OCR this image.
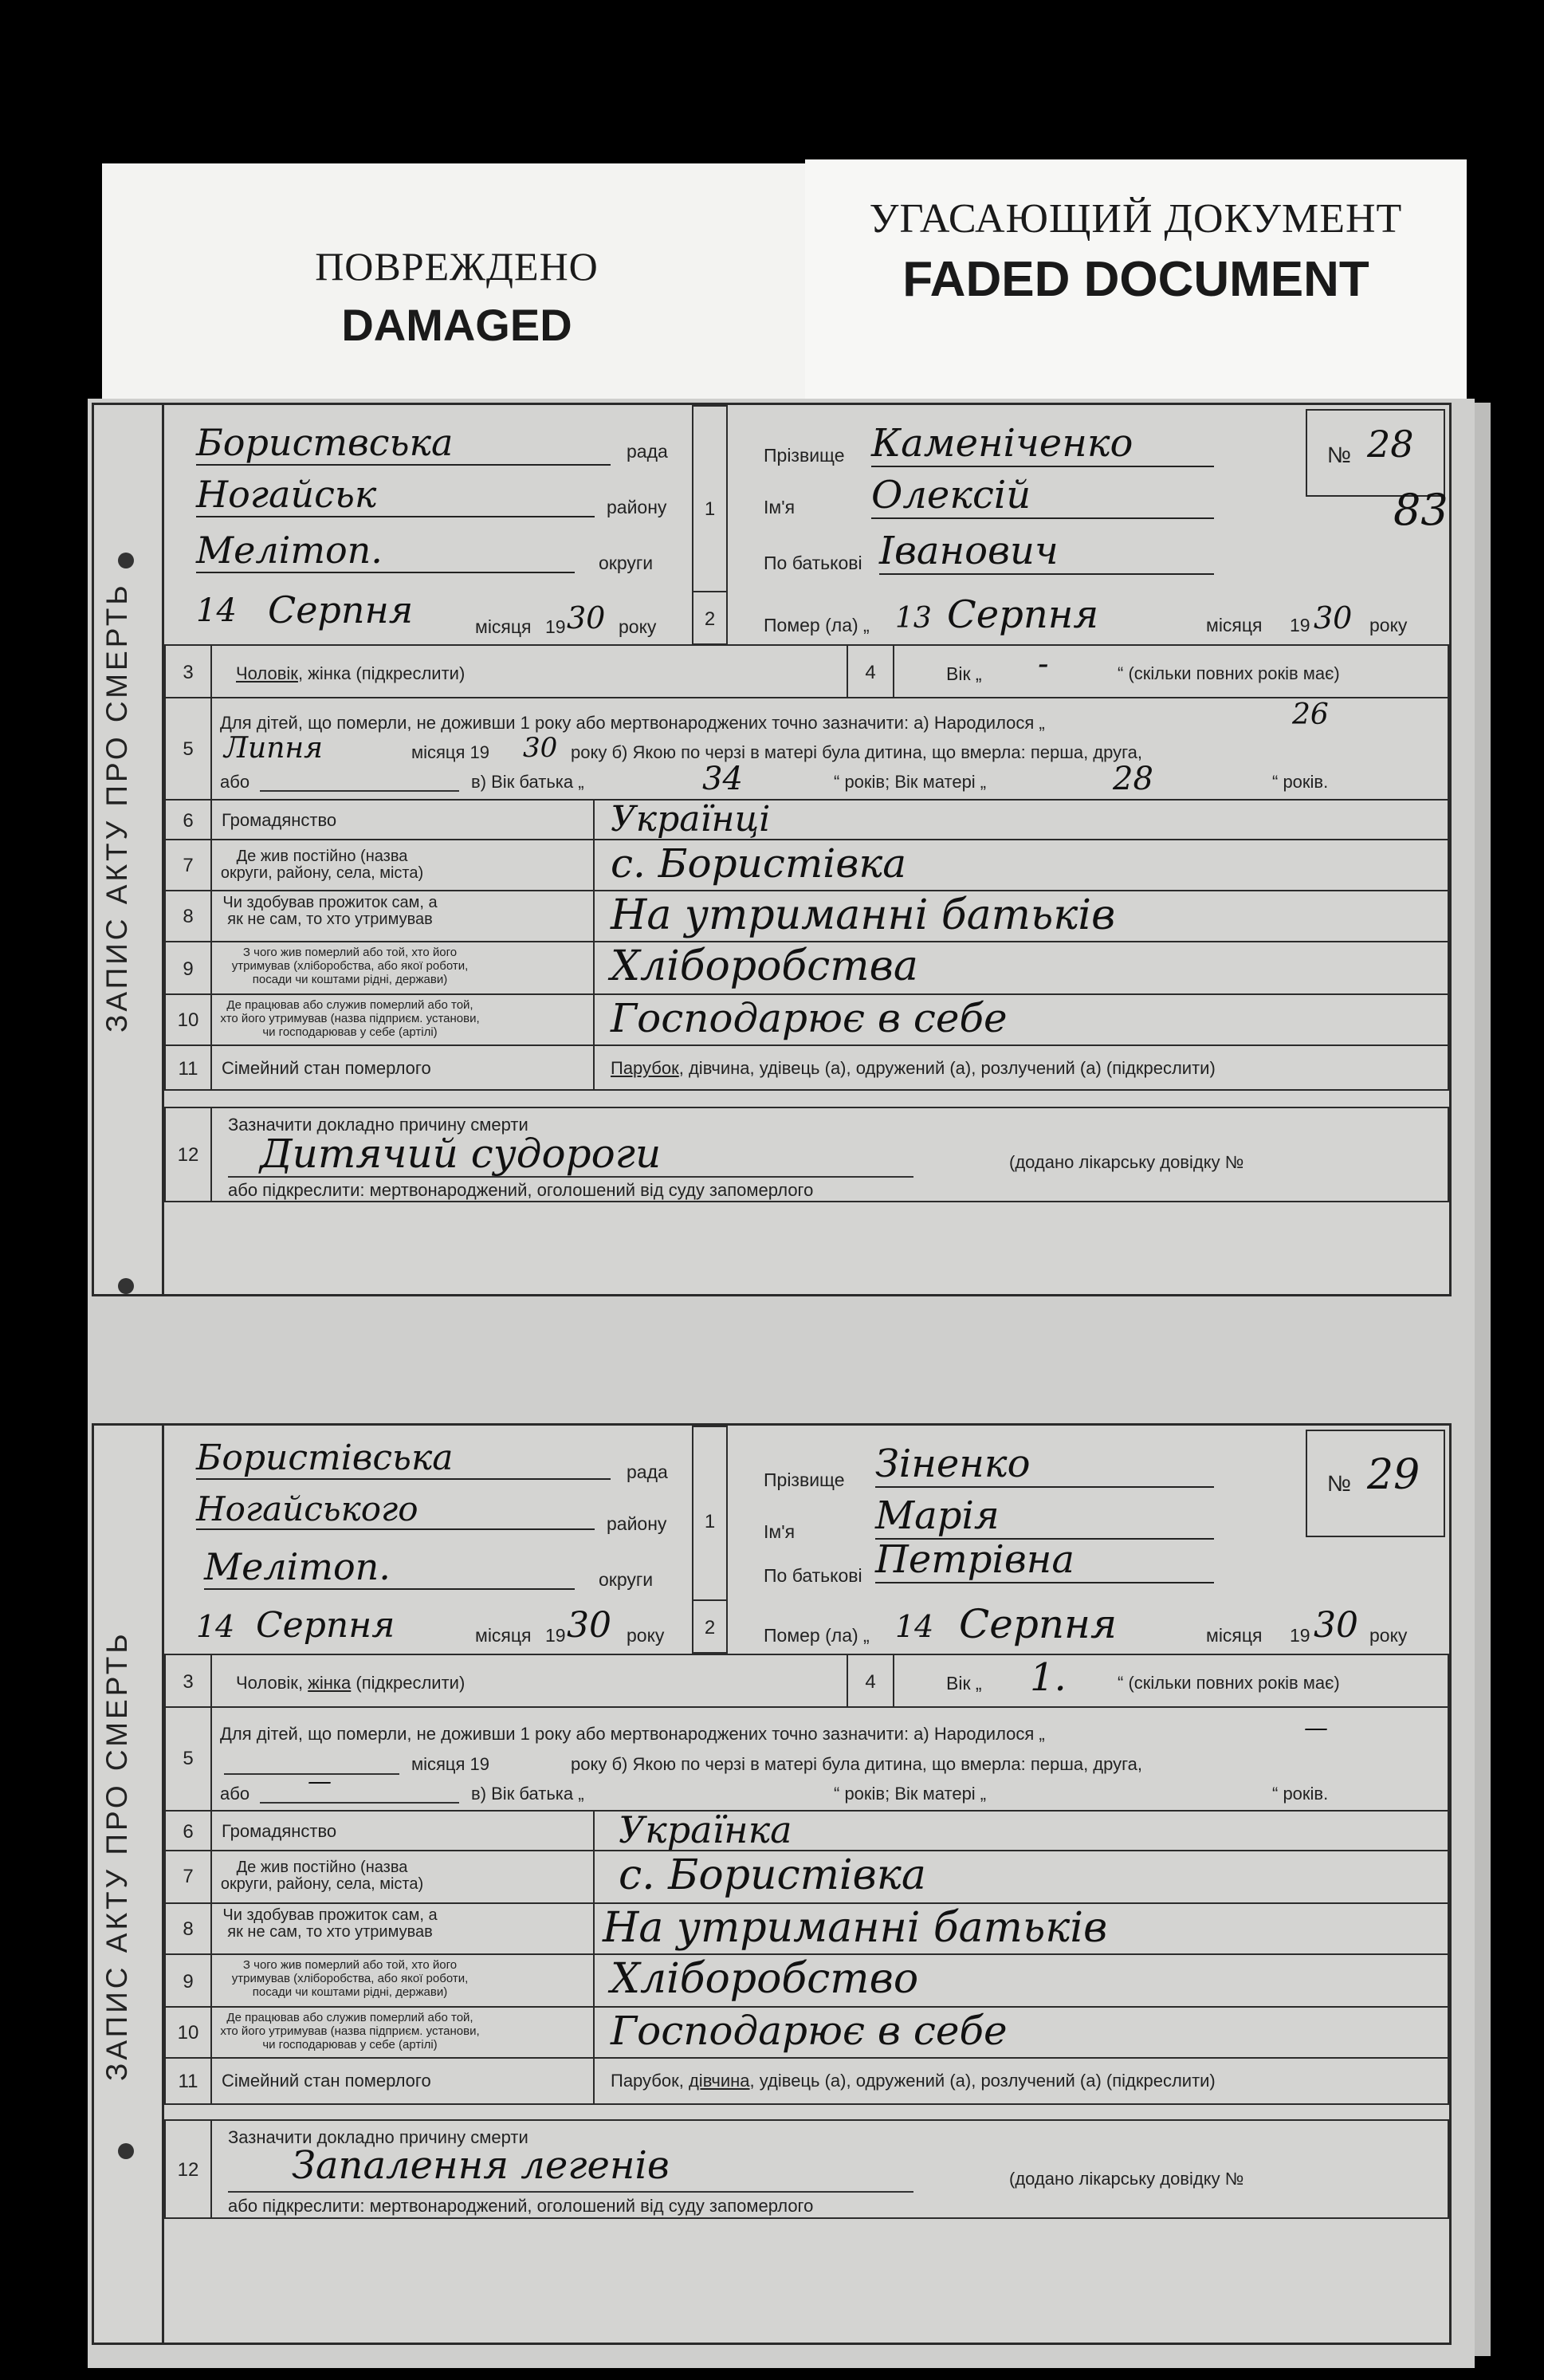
ПОВРЕЖДЕНО
DAMAGED
УГАСАЮЩИЙ ДОКУМЕНТ
FADED DOCUMENT
ЗАПИС АКТУ ПРО СМЕРТЬ
Бориствська	рада
Ногайськ	району
Мелітоп.	округи
14 Серпня	місяця 19 30 року
1
2
Прізвище Каменіченко
Ім'я Олексій
По батькові Іванович
№ 28
83
Помер (ла) „ 13 Серпня	місяця 19 30 року
3	Чоловік, жінка (підкреслити)	4	Вік „ -	“ (скільки повних років має)
5
Для дітей, що померли, не доживши 1 року або мертвонароджених точно зазначити: а) Народилося „	26
Липня	місяця 19 30 року б) Якою по черзі в матері була дитина, що вмерла: перша, друга,
або	в) Вік батька „	34	“ років; Вік матері „	28	“ років.
6	Громадянство	Українці
7	Де жив постійно (назва округи, району, села, міста)	с. Бористівка
8
Чи здобував прожиток сам, а як не сам, то хто утримував	На утриманні батьків
9
З чого жив померлий або той, хто його утримував (хліборобства, або якої роботи, посади чи коштами рідні, держави)	Хліборобства
10
Де працював або служив померлий або той, хто його утримував (назва підприєм. установи, чи господарював у себе (артілі)	Господарює в себе
11	Сімейний стан померлого	Парубок, дівчина, удівець (а), одружений (а), розлучений (а) (підкреслити)
12
Зазначити докладно причину смерти
Дитячий судороги	(додано лікарську довідку №
або підкреслити: мертвонароджений, оголошений від суду запомерлого
ЗАПИС АКТУ ПРО СМЕРТЬ
Бористівська	рада
Ногайського	району
Мелітоп.	округи
14 Серпня	місяця 19 30 року
1
2
Прізвище Зіненко
Ім'я Марія
По батькові Петрівна
№ 29
Помер (ла) „ 14 Серпня	місяця 19 30 року
3	Чоловік, жінка (підкреслити)	4	Вік „ 1.	“ (скільки повних років має)
5
Для дітей, що померли, не доживши 1 року або мертвонароджених точно зазначити: а) Народилося „	—
місяця 19	року б) Якою по черзі в матері була дитина, що вмерла: перша, друга,
або —	в) Вік батька „	“ років; Вік матері „	“ років.
6	Громадянство	Українка
7	Де жив постійно (назва округи, району, села, міста)	с. Бористівка
8
Чи здобував прожиток сам, а як не сам, то хто утримував	На утриманні батьків
9
З чого жив померлий або той, хто його утримував (хліборобства, або якої роботи, посади чи коштами рідні, держави)	Хліборобство
10
Де працював або служив померлий або той, хто його утримував (назва підприєм. установи, чи господарював у себе (артілі)	Господарює в себе
11	Сімейний стан померлого	Парубок, дівчина, удівець (а), одружений (а), розлучений (а) (підкреслити)
12
Зазначити докладно причину смерти
Запалення легенів	(додано лікарську довідку №
або підкреслити: мертвонароджений, оголошений від суду запомерлого
